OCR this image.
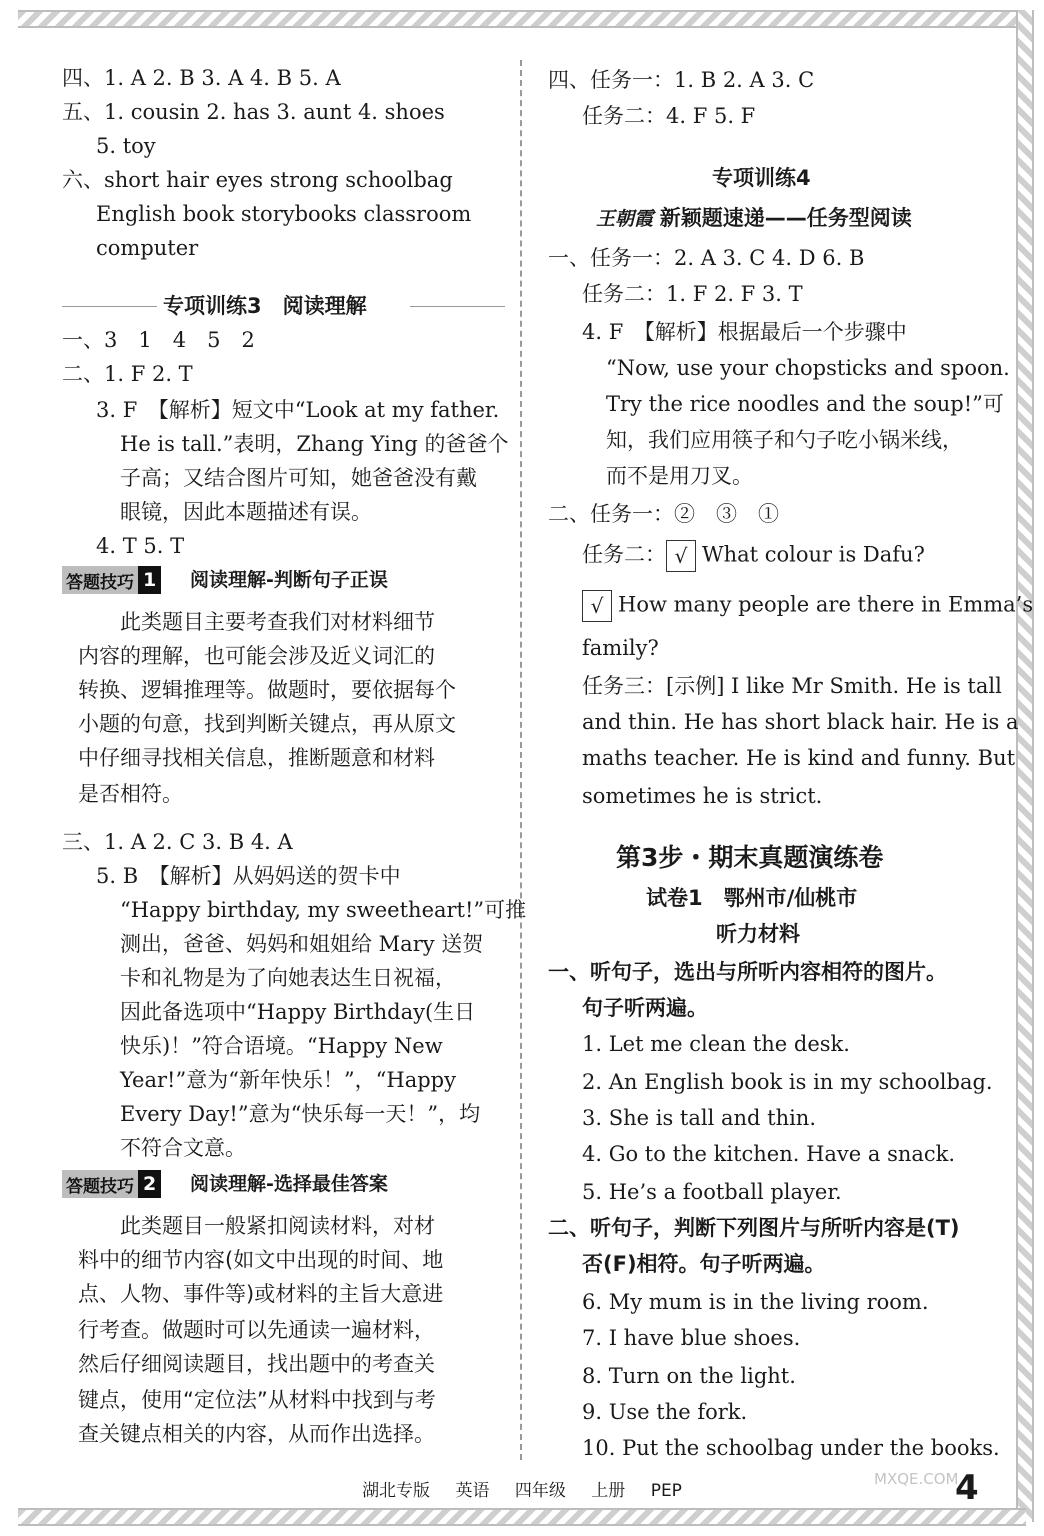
四、1. A 2. B 3. A 4. B 5. A
五、1. cousin 2. has 3. aunt 4. shoes
5. toy
六、short hair eyes strong schoolbag
English book storybooks classroom
computer
专项训练3　阅读理解
一、3　1　4　5　2
二、1. F 2. T
3. F　【解析】短文中“Look at my father.
He is tall.”表明，Zhang Ying 的爸爸个
子高；又结合图片可知，她爸爸没有戴
眼镜，因此本题描述有误。
4. T 5. T
答题技巧 1 阅读理解-判断句子正误
此类题目主要考查我们对材料细节
内容的理解，也可能会涉及近义词汇的
转换、逻辑推理等。做题时，要依据每个
小题的句意，找到判断关键点，再从原文
中仔细寻找相关信息，推断题意和材料
是否相符。
三、1. A 2. C 3. B 4. A
5. B　【解析】从妈妈送的贺卡中
“Happy birthday, my sweetheart!”可推
测出，爸爸、妈妈和姐姐给 Mary 送贺
卡和礼物是为了向她表达生日祝福，
因此备选项中“Happy Birthday(生日
快乐)！”符合语境。“Happy New
Year!”意为“新年快乐！”，“Happy
Every Day!”意为“快乐每一天！”，均
不符合文意。
答题技巧 2 阅读理解-选择最佳答案
此类题目一般紧扣阅读材料，对材
料中的细节内容(如文中出现的时间、地
点、人物、事件等)或材料的主旨大意进
行考查。做题时可以先通读一遍材料，
然后仔细阅读题目，找出题中的考查关
键点，使用“定位法”从材料中找到与考
查关键点相关的内容，从而作出选择。
四、任务一：1. B 2. A 3. C
任务二：4. F 5. F
专项训练4
王朝霞 新颖题速递——任务型阅读
一、任务一：2. A 3. C 4. D 6. B
任务二：1. F 2. F 3. T
4. F　【解析】根据最后一个步骤中
“Now, use your chopsticks and spoon.
Try the rice noodles and the soup!”可
知，我们应用筷子和勺子吃小锅米线，
而不是用刀叉。
二、任务一：②　③　①
任务二： √ What colour is Dafu?
√ How many people are there in Emma’s
family?
任务三：[示例] I like Mr Smith. He is tall
and thin. He has short black hair. He is a
maths teacher. He is kind and funny. But
sometimes he is strict.
第3步・期末真题演练卷
试卷1　鄂州市/仙桃市
听力材料
一、听句子，选出与所听内容相符的图片。
句子听两遍。
1. Let me clean the desk.
2. An English book is in my schoolbag.
3. She is tall and thin.
4. Go to the kitchen. Have a snack.
5. He’s a football player.
二、听句子，判断下列图片与所听内容是(T)
否(F)相符。句子听两遍。
6. My mum is in the living room.
7. I have blue shoes.
8. Turn on the light.
9. Use the fork.
10. Put the schoolbag under the books.
湖北专版 英语 四年级 上册 PEP
MXQE.COM
4
